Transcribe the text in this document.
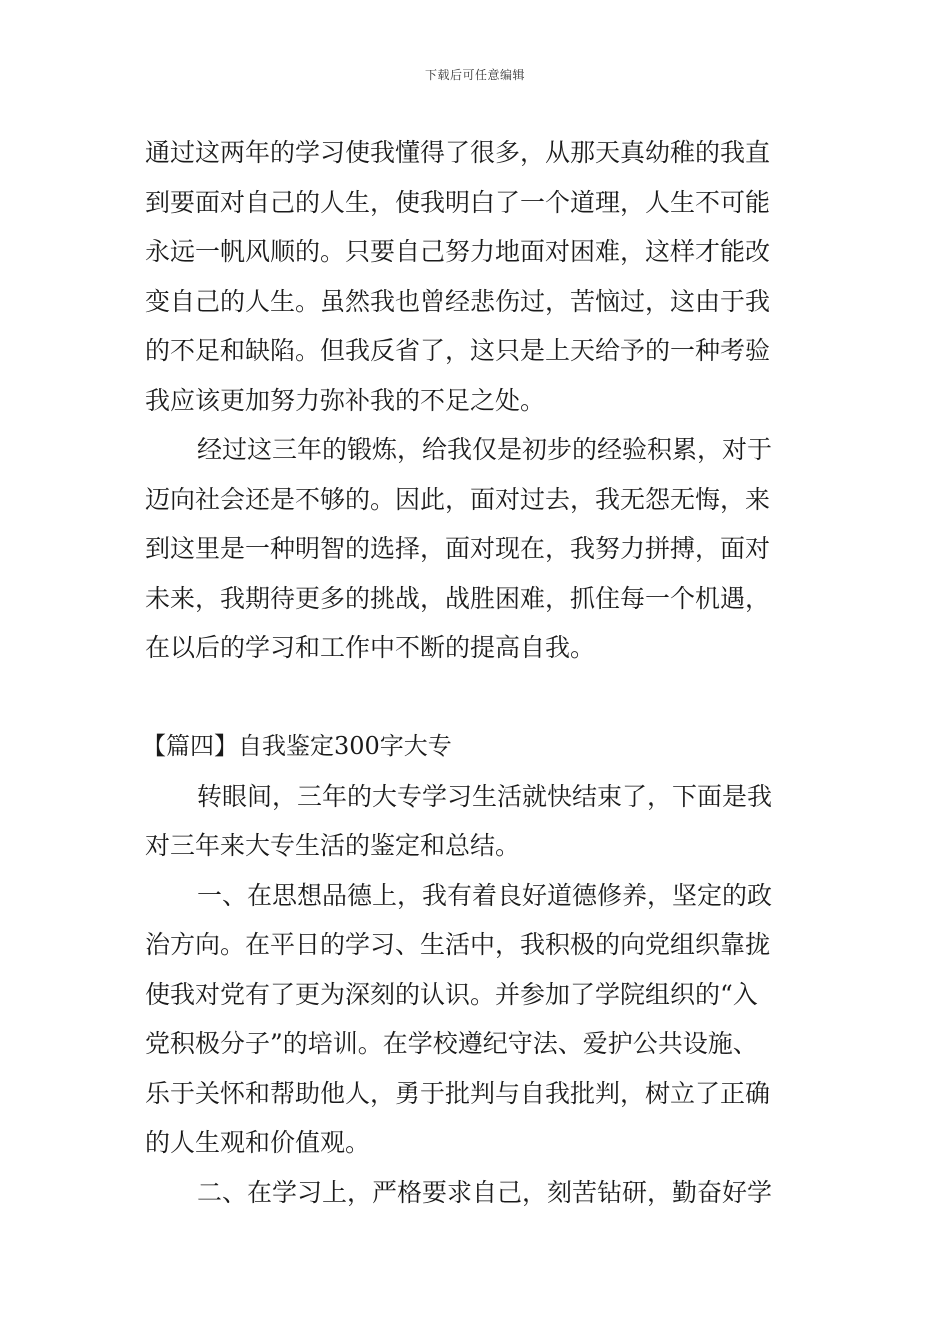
下载后可任意编辑
通过这两年的学习使我懂得了很多，从那天真幼稚的我直
到要面对自己的人生，使我明白了一个道理，人生不可能
永远一帆风顺的。只要自己努力地面对困难，这样才能改
变自己的人生。虽然我也曾经悲伤过，苦恼过，这由于我
的不足和缺陷。但我反省了，这只是上天给予的一种考验
我应该更加努力弥补我的不足之处。
经过这三年的锻炼，给我仅是初步的经验积累，对于
迈向社会还是不够的。因此，面对过去，我无怨无悔，来
到这里是一种明智的选择，面对现在，我努力拼搏，面对
未来，我期待更多的挑战，战胜困难，抓住每一个机遇，
在以后的学习和工作中不断的提高自我。
【篇四】自我鉴定300字大专
转眼间，三年的大专学习生活就快结束了，下面是我
对三年来大专生活的鉴定和总结。
一、在思想品德上，我有着良好道德修养，坚定的政
治方向。在平日的学习、生活中，我积极的向党组织靠拢
使我对党有了更为深刻的认识。并参加了学院组织的“入
党积极分子”的培训。在学校遵纪守法、爱护公共设施、
乐于关怀和帮助他人，勇于批判与自我批判，树立了正确
的人生观和价值观。
二、在学习上，严格要求自己，刻苦钻研，勤奋好学
